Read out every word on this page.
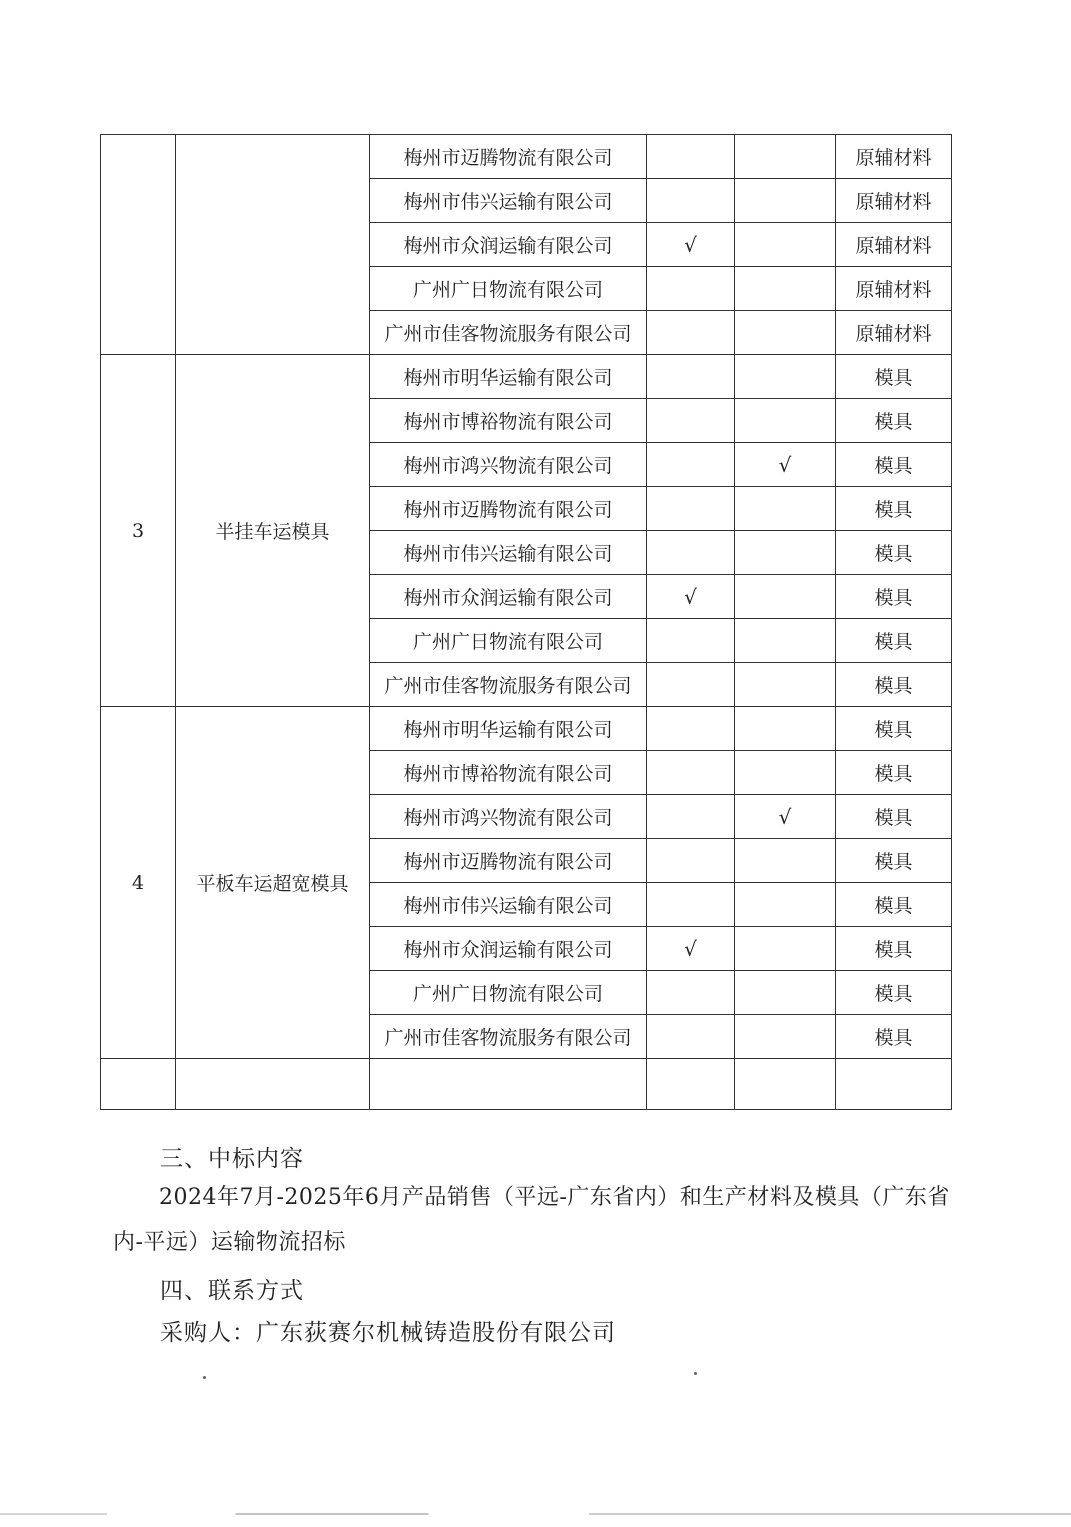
		梅州市迈腾物流有限公司			原辅材料
		梅州市伟兴运输有限公司			原辅材料
		梅州市众润运输有限公司	√		原辅材料
		广州广日物流有限公司			原辅材料
		广州市佳客物流服务有限公司			原辅材料
3	半挂车运模具	梅州市明华运输有限公司			模具
		梅州市博裕物流有限公司			模具
		梅州市鸿兴物流有限公司		√	模具
		梅州市迈腾物流有限公司			模具
		梅州市伟兴运输有限公司			模具
		梅州市众润运输有限公司	√		模具
		广州广日物流有限公司			模具
		广州市佳客物流服务有限公司			模具
4	平板车运超宽模具	梅州市明华运输有限公司			模具
		梅州市博裕物流有限公司			模具
		梅州市鸿兴物流有限公司		√	模具
		梅州市迈腾物流有限公司			模具
		梅州市伟兴运输有限公司			模具
		梅州市众润运输有限公司	√		模具
		广州广日物流有限公司			模具
		广州市佳客物流服务有限公司			模具

三、中标内容
2024年7月-2025年6月产品销售（平远-广东省内）和生产材料及模具（广东省内-平远）运输物流招标
四、联系方式
采购人：广东荻赛尔机械铸造股份有限公司
